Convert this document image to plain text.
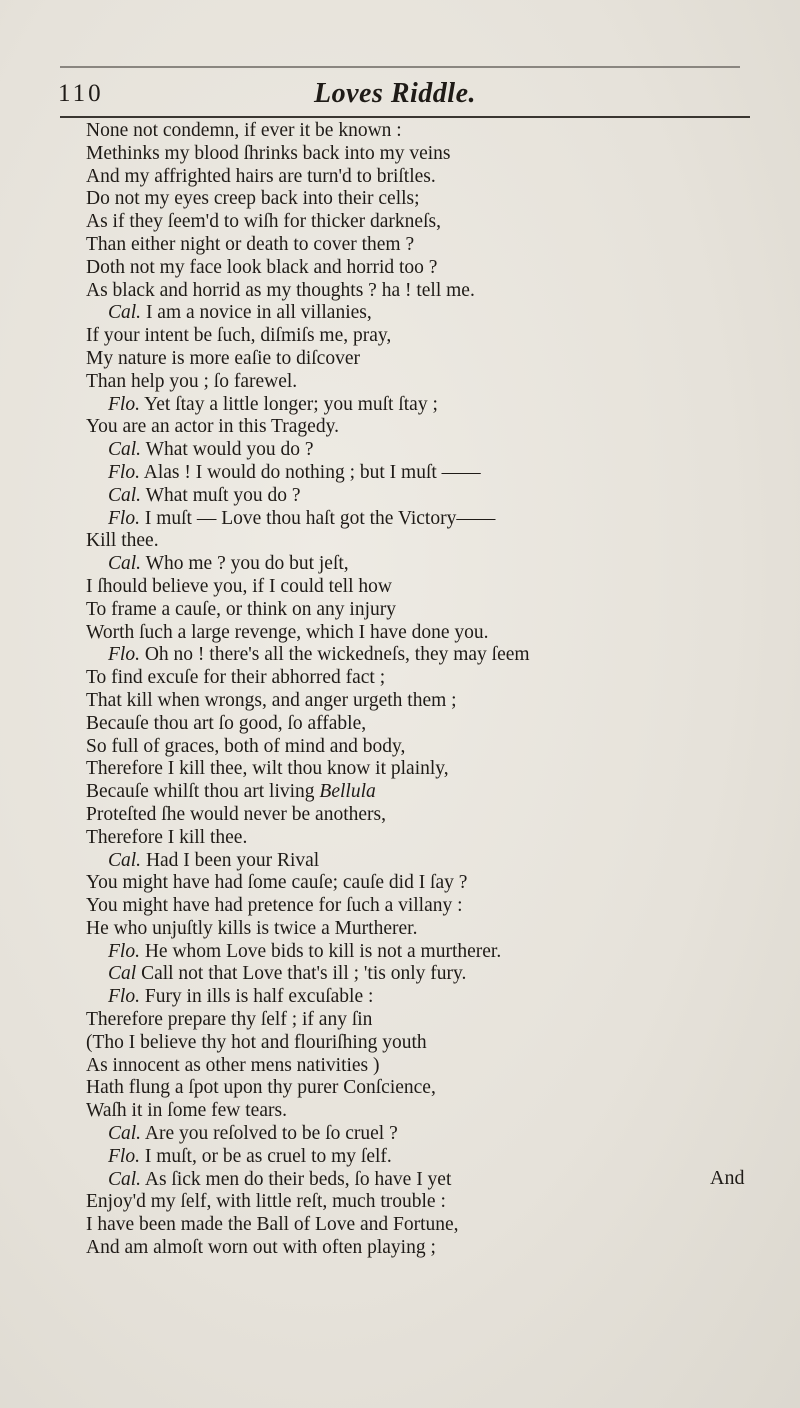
110	Loves Riddle.
None not condemn, if ever it be known :
Methinks my blood ſhrinks back into my veins
And my affrighted hairs are turn'd to briſtles.
Do not my eyes creep back into their cells;
As if they ſeem'd to wiſh for thicker darkneſs,
Than either night or death to cover them ?
Doth not my face look black and horrid too ?
As black and horrid as my thoughts ? ha ! tell me.
Cal. I am a novice in all villanies,
If your intent be ſuch, diſmiſs me, pray,
My nature is more eaſie to diſcover
Than help you ; ſo farewel.
Flo. Yet ſtay a little longer; you muſt ſtay ;
You are an actor in this Tragedy.
Cal. What would you do ?
Flo. Alas ! I would do nothing ; but I muſt ——
Cal. What muſt you do ?
Flo. I muſt — Love thou haſt got the Victory——
Kill thee.
Cal. Who me ? you do but jeſt,
I ſhould believe you, if I could tell how
To frame a cauſe, or think on any injury
Worth ſuch a large revenge, which I have done you.
Flo. Oh no ! there's all the wickedneſs, they may ſeem
To find excuſe for their abhorred fact ;
That kill when wrongs, and anger urgeth them ;
Becauſe thou art ſo good, ſo affable,
So full of graces, both of mind and body,
Therefore I kill thee, wilt thou know it plainly,
Becauſe whilſt thou art living Bellula
Proteſted ſhe would never be anothers,
Therefore I kill thee.
Cal. Had I been your Rival
You might have had ſome cauſe; cauſe did I ſay ?
You might have had pretence for ſuch a villany :
He who unjuſtly kills is twice a Murtherer.
Flo. He whom Love bids to kill is not a murtherer.
Cal Call not that Love that's ill ; 'tis only fury.
Flo. Fury in ills is half excuſable :
Therefore prepare thy ſelf ; if any ſin
(Tho I believe thy hot and flouriſhing youth
As innocent as other mens nativities )
Hath flung a ſpot upon thy purer Conſcience,
Waſh it in ſome few tears.
Cal. Are you reſolved to be ſo cruel ?
Flo. I muſt, or be as cruel to my ſelf.
Cal. As ſick men do their beds, ſo have I yet
Enjoy'd my ſelf, with little reſt, much trouble :
I have been made the Ball of Love and Fortune,
And am almoſt worn out with often playing ;
And
